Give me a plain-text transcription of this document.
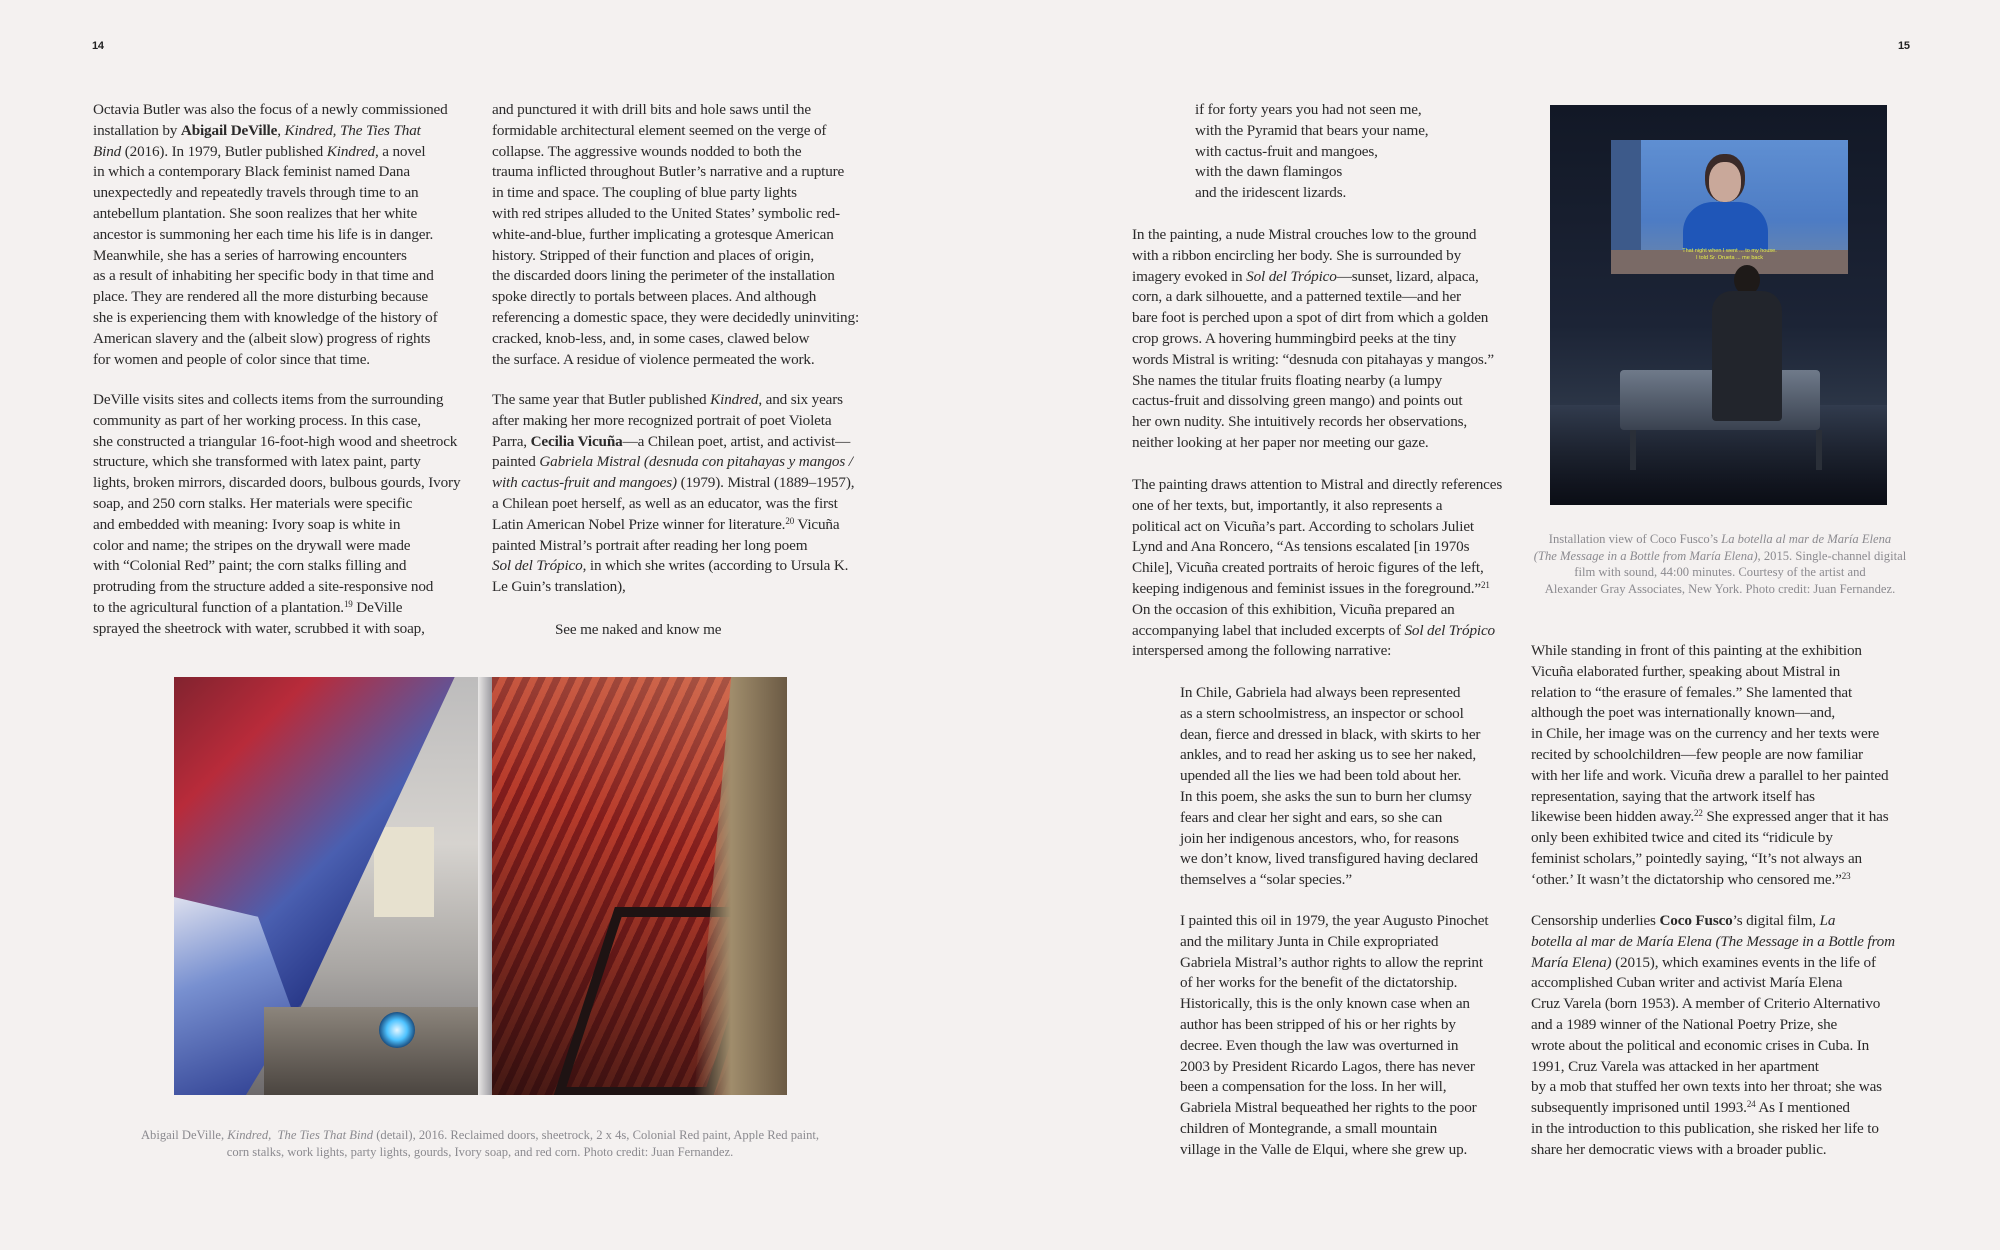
14	15
Octavia Butler was also the focus of a newly commissioned
installation by Abigail DeVille, Kindred, The Ties That
Bind (2016). In 1979, Butler published Kindred, a novel
in which a contemporary Black feminist named Dana
unexpectedly and repeatedly travels through time to an
antebellum plantation. She soon realizes that her white
ancestor is summoning her each time his life is in danger.
Meanwhile, she has a series of harrowing encounters
as a result of inhabiting her specific body in that time and
place. They are rendered all the more disturbing because
she is experiencing them with knowledge of the history of
American slavery and the (albeit slow) progress of rights
for women and people of color since that time.
DeVille visits sites and collects items from the surrounding
community as part of her working process. In this case,
she constructed a triangular 16-foot-high wood and sheetrock
structure, which she transformed with latex paint, party
lights, broken mirrors, discarded doors, bulbous gourds, Ivory
soap, and 250 corn stalks. Her materials were specific
and embedded with meaning: Ivory soap is white in
color and name; the stripes on the drywall were made
with “Colonial Red” paint; the corn stalks filling and
protruding from the structure added a site-responsive nod
to the agricultural function of a plantation.$^{19}$ DeVille
sprayed the sheetrock with water, scrubbed it with soap,
and punctured it with drill bits and hole saws until the
formidable architectural element seemed on the verge of
collapse. The aggressive wounds nodded to both the
trauma inflicted throughout Butler’s narrative and a rupture
in time and space. The coupling of blue party lights
with red stripes alluded to the United States’ symbolic red-
white-and-blue, further implicating a grotesque American
history. Stripped of their function and places of origin,
the discarded doors lining the perimeter of the installation
spoke directly to portals between places. And although
referencing a domestic space, they were decidedly uninviting:
cracked, knob-less, and, in some cases, clawed below
the surface. A residue of violence permeated the work.
The same year that Butler published Kindred, and six years
after making her more recognized portrait of poet Violeta
Parra, Cecilia Vicuña—a Chilean poet, artist, and activist—
painted Gabriela Mistral (desnuda con pitahayas y mangos /
with cactus-fruit and mangoes) (1979). Mistral (1889–1957),
a Chilean poet herself, as well as an educator, was the first
Latin American Nobel Prize winner for literature.$^{20}$ Vicuña
painted Mistral’s portrait after reading her long poem
Sol del Trópico, in which she writes (according to Ursula K.
Le Guin’s translation),
See me naked and know me
Abigail DeVille, Kindred,  The Ties That Bind (detail), 2016. Reclaimed doors, sheetrock, 2 x 4s, Colonial Red paint, Apple Red paint,
corn stalks, work lights, party lights, gourds, Ivory soap, and red corn. Photo credit: Juan Fernandez.
if for forty years you had not seen me,
with the Pyramid that bears your name,
with cactus-fruit and mangoes,
with the dawn flamingos
and the iridescent lizards.
In the painting, a nude Mistral crouches low to the ground
with a ribbon encircling her body. She is surrounded by
imagery evoked in Sol del Trópico—sunset, lizard, alpaca,
corn, a dark silhouette, and a patterned textile—and her
bare foot is perched upon a spot of dirt from which a golden
crop grows. A hovering hummingbird peeks at the tiny
words Mistral is writing: “desnuda con pitahayas y mangos.”
She names the titular fruits floating nearby (a lumpy
cactus-fruit and dissolving green mango) and points out
her own nudity. She intuitively records her observations,
neither looking at her paper nor meeting our gaze.
The painting draws attention to Mistral and directly references
one of her texts, but, importantly, it also represents a
political act on Vicuña’s part. According to scholars Juliet
Lynd and Ana Roncero, “As tensions escalated [in 1970s
Chile], Vicuña created portraits of heroic figures of the left,
keeping indigenous and feminist issues in the foreground.”$^{21}$
On the occasion of this exhibition, Vicuña prepared an
accompanying label that included excerpts of Sol del Trópico
interspersed among the following narrative:
In Chile, Gabriela had always been represented
as a stern schoolmistress, an inspector or school
dean, fierce and dressed in black, with skirts to her
ankles, and to read her asking us to see her naked,
upended all the lies we had been told about her.
In this poem, she asks the sun to burn her clumsy
fears and clear her sight and ears, so she can
join her indigenous ancestors, who, for reasons
we don’t know, lived transfigured having declared
themselves a “solar species.”
I painted this oil in 1979, the year Augusto Pinochet
and the military Junta in Chile expropriated
Gabriela Mistral’s author rights to allow the reprint
of her works for the benefit of the dictatorship.
Historically, this is the only known case when an
author has been stripped of his or her rights by
decree. Even though the law was overturned in
2003 by President Ricardo Lagos, there has never
been a compensation for the loss. In her will,
Gabriela Mistral bequeathed her rights to the poor
children of Montegrande, a small mountain
village in the Valle de Elqui, where she grew up.
While standing in front of this painting at the exhibition
Vicuña elaborated further, speaking about Mistral in
relation to “the erasure of females.” She lamented that
although the poet was internationally known—and,
in Chile, her image was on the currency and her texts were
recited by schoolchildren—few people are now familiar
with her life and work. Vicuña drew a parallel to her painted
representation, saying that the artwork itself has
likewise been hidden away.$^{22}$ She expressed anger that it has
only been exhibited twice and cited its “ridicule by
feminist scholars,” pointedly saying, “It’s not always an
‘other.’ It wasn’t the dictatorship who censored me.”$^{23}$
Censorship underlies Coco Fusco’s digital film, La
botella al mar de María Elena (The Message in a Bottle from
María Elena) (2015), which examines events in the life of
accomplished Cuban writer and activist María Elena
Cruz Varela (born 1953). A member of Criterio Alternativo
and a 1989 winner of the National Poetry Prize, she
wrote about the political and economic crises in Cuba. In
1991, Cruz Varela was attacked in her apartment
by a mob that stuffed her own texts into her throat; she was
subsequently imprisoned until 1993.24 As I mentioned
in the introduction to this publication, she risked her life to
share her democratic views with a broader public.
That night when I went ... to my house.
I told Sr. Orueta ... me back
Installation view of Coco Fusco’s La botella al mar de María Elena
(The Message in a Bottle from María Elena), 2015. Single-channel digital
film with sound, 44:00 minutes. Courtesy of the artist and
Alexander Gray Associates, New York. Photo credit: Juan Fernandez.
